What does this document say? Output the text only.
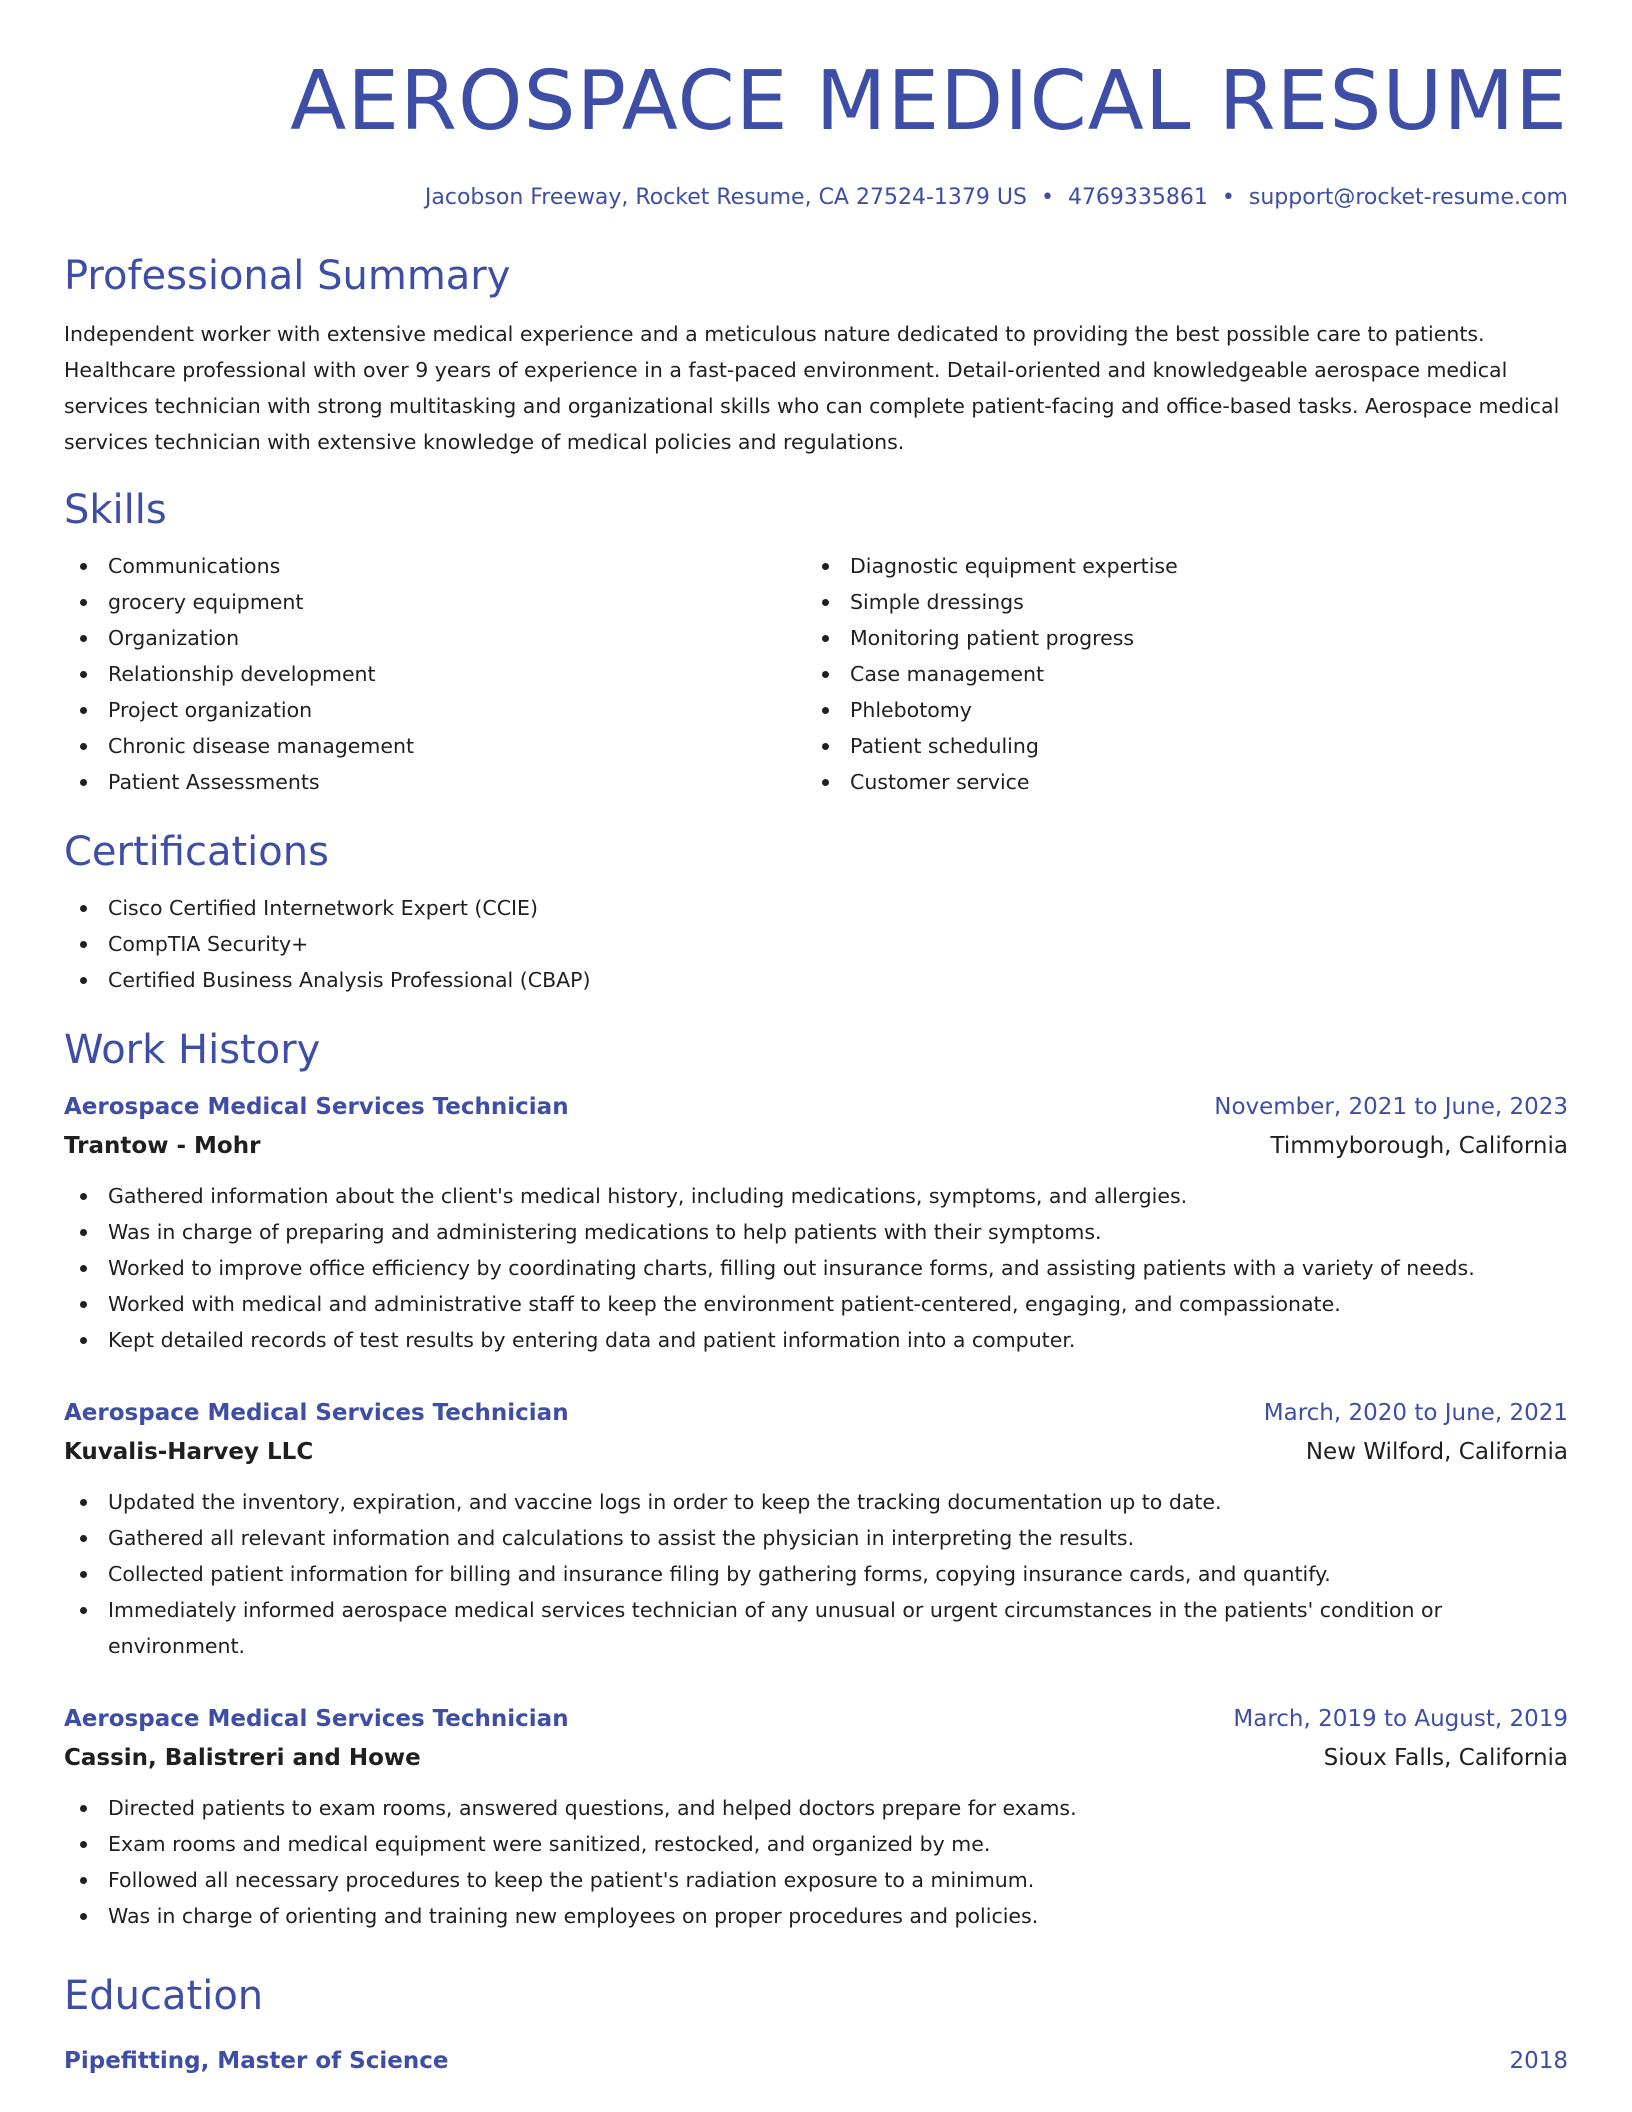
AEROSPACE MEDICAL RESUME
Jacobson Freeway, Rocket Resume, CA 27524-1379 US • 4769335861 • support@rocket-resume.com
Professional Summary

Independent worker with extensive medical experience and a meticulous nature dedicated to providing the best possible care to patients. Healthcare professional with over 9 years of experience in a fast-paced environment. Detail-oriented and knowledgeable aerospace medical services technician with strong multitasking and organizational skills who can complete patient-facing and office-based tasks. Aerospace medical services technician with extensive knowledge of medical policies and regulations.

Skills
Communications
grocery equipment
Organization
Relationship development
Project organization
Chronic disease management
Patient Assessments
Diagnostic equipment expertise
Simple dressings
Monitoring patient progress
Case management
Phlebotomy
Patient scheduling
Customer service
Certifications
Cisco Certified Internetwork Expert (CCIE)
CompTIA Security+
Certified Business Analysis Professional (CBAP)
Work History
Aerospace Medical Services Technician	November, 2021 to June, 2023
Trantow - Mohr	Timmyborough, California
Gathered information about the client's medical history, including medications, symptoms, and allergies.
Was in charge of preparing and administering medications to help patients with their symptoms.
Worked to improve office efficiency by coordinating charts, filling out insurance forms, and assisting patients with a variety of needs.
Worked with medical and administrative staff to keep the environment patient-centered, engaging, and compassionate.
Kept detailed records of test results by entering data and patient information into a computer.
Aerospace Medical Services Technician	March, 2020 to June, 2021
Kuvalis-Harvey LLC	New Wilford, California
Updated the inventory, expiration, and vaccine logs in order to keep the tracking documentation up to date.
Gathered all relevant information and calculations to assist the physician in interpreting the results.
Collected patient information for billing and insurance filing by gathering forms, copying insurance cards, and quantify.
Immediately informed aerospace medical services technician of any unusual or urgent circumstances in the patients' condition or environment.
Aerospace Medical Services Technician	March, 2019 to August, 2019
Cassin, Balistreri and Howe	Sioux Falls, California
Directed patients to exam rooms, answered questions, and helped doctors prepare for exams.
Exam rooms and medical equipment were sanitized, restocked, and organized by me.
Followed all necessary procedures to keep the patient's radiation exposure to a minimum.
Was in charge of orienting and training new employees on proper procedures and policies.
Education
Pipefitting, Master of Science	2018
